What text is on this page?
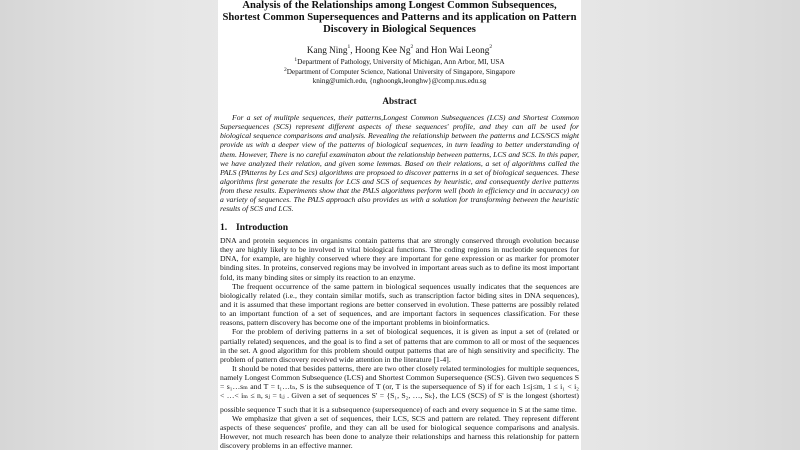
Analysis of the Relationships among Longest Common Subsequences,
Shortest Common Supersequences and Patterns and its application on Pattern
Discovery in Biological Sequences
Kang Ning$^1$, Hoong Kee Ng$^2$ and Hon Wai Leong$^2$
$^1$Department of Pathology, University of Michigan, Ann Arbor, MI, USA
$^2$Department of Computer Science, National University of Singapore, Singapore
kning@umich.edu, {nghoongk,leonghw}@comp.nus.edu.sg
Abstract
For a set of mulitple sequences, their patterns,Longest Common Subsequences (LCS) and Shortest Common
Supersequences (SCS) represent different aspects of these sequences' profile, and they can all be used for
biological sequence comparisons and analysis. Revealing the relationship between the patterns and LCS/SCS might
provide us with a deeper view of the patterns of biological sequences, in turn leading to better understanding of
them. However, There is no careful examinaton about the relationship between patterns, LCS and SCS. In this paper,
we have analyzed their relation, and given some lemmas. Based on their relations, a set of algorithms called the
PALS (PAtterns by Lcs and Scs) algorithms are propsoed to discover patterns in a set of biological sequences. These
algorithms first generate the results for LCS and SCS of sequences by heuristic, and consequently derive patterns
from these results. Experiments show that the PALS algorithms perform well (both in efficiency and in accuracy) on
a variety of sequences. The PALS approach also provides us with a solution for transforming between the heuristic
results of SCS and LCS.
1. Introduction
DNA and protein sequences in organisms contain patterns that are strongly conserved through evolution because
they are highly likely to be involved in vital biological functions. The coding regions in nucleotide sequences for
DNA, for example, are highly conserved where they are important for gene expression or as marker for promoter
binding sites. In proteins, conserved regions may be involved in important areas such as to define its most important
fold, its many binding sites or simply its reaction to an enzyme.
The frequent occurrence of the same pattern in biological sequences usually indicates that the sequences are
biologically related (i.e., they contain similar motifs, such as transcription factor biding sites in DNA sequences),
and it is assumed that these important regions are better conserved in evolution. These patterns are possibly related
to an important function of a set of sequences, and are important factors in sequences classification. For these
reasons, pattern discovery has become one of the important problems in bioinformatics.
For the problem of deriving patterns in a set of biological sequences, it is given as input a set of (related or
partially related) sequences, and the goal is to find a set of patterns that are common to all or most of the sequences
in the set. A good algorithm for this problem should output patterns that are of high sensitivity and specificity. The
problem of pattern discovery received wide attention in the literature [1-4].
It should be noted that besides patterns, there are two other closely related terminologies for multiple sequences,
namely Longest Common Subsequence (LCS) and Shortest Common Supersequence (SCS). Given two sequences S
= s₁…sₘ and T = t₁…tₙ, S is the subsequence of T (or, T is the supersequence of S) if for each 1≤j≤m, 1 ≤ i₁ < i₂
< …< iₘ ≤ n, sⱼ = tᵢⱼ . Given a set of sequences S' = {S₁, S₂, …, Sₖ}, the LCS (SCS) of S' is the longest (shortest)
possible sequence T such that it is a subsequence (supersequence) of each and every sequence in S at the same time.
We emphasize that given a set of sequences, their LCS, SCS and pattern are related. They represent different
aspects of these sequences' profile, and they can all be used for biological sequence comparisons and analysis.
However, not much research has been done to analyze their relationships and harness this relationship for pattern
discovery problems in an effective manner.
